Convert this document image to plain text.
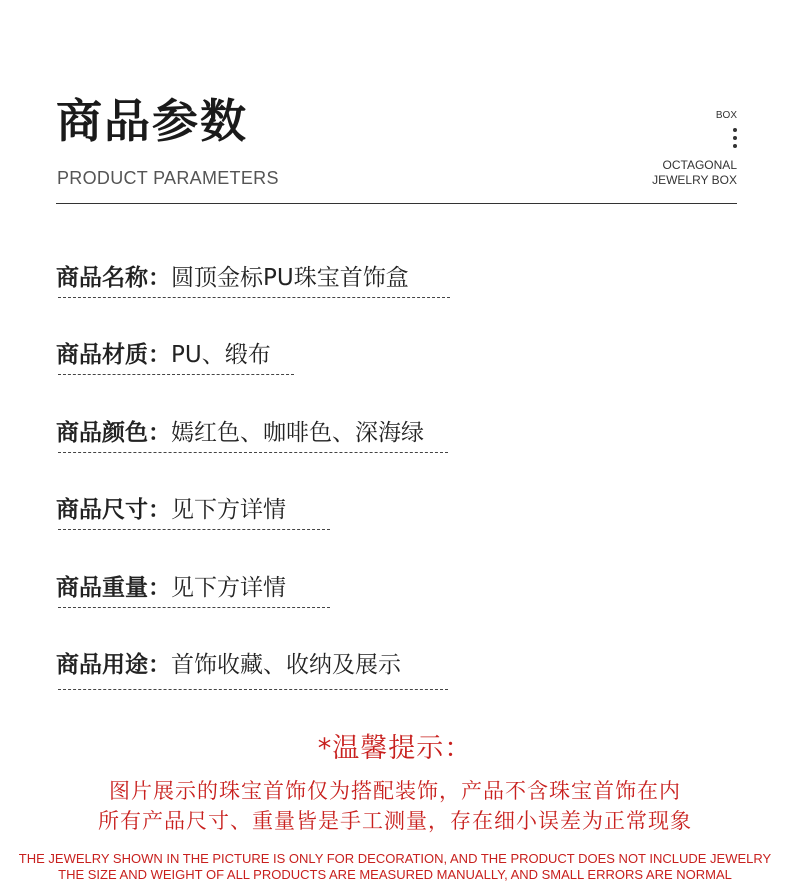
商品参数
PRODUCT PARAMETERS
BOX
OCTAGONAL
JEWELRY BOX
商品名称：圆顶金标PU珠宝首饰盒
商品材质：PU、缎布
商品颜色：嫣红色、咖啡色、深海绿
商品尺寸：见下方详情
商品重量：见下方详情
商品用途：首饰收藏、收纳及展示
*温馨提示：
图片展示的珠宝首饰仅为搭配装饰，产品不含珠宝首饰在内
所有产品尺寸、重量皆是手工测量，存在细小误差为正常现象
THE JEWELRY SHOWN IN THE PICTURE IS ONLY FOR DECORATION, AND THE PRODUCT DOES NOT INCLUDE JEWELRY
THE SIZE AND WEIGHT OF ALL PRODUCTS ARE MEASURED MANUALLY, AND SMALL ERRORS ARE NORMAL
